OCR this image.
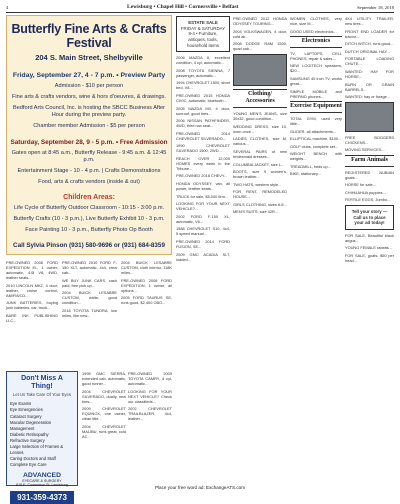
4	Lewisburg • Chapel Hill • Cornersville • Belfast	September 18, 2018
Butterfly Fine Arts & Crafts Festival
204 S. Main Street, Shelbyville
Friday, September 27, 4 - 7 p.m. • Preview Party
Admission - $10 per person
Fine arts & crafts vendors, wine & hors d'oeuvres, & drawings.
Bedford Arts Council, Inc. is hosting the SBCC Business After Hour during the preview party.
Chamber member Admission - $5 per person
Saturday, September 28, 9 - 5 p.m. • Free Admission
Gates open at 8:45 a.m., Butterfly Release - 9:45 a.m. & 12:45 p.m.
Entertainment Stage - 10 - 4 p.m. | Crafts Demonstrations
Food, arts & crafts vendors (inside & out)
Children Areas:
Life Cycle of Butterfly Outdoor Classroom - 10:15 - 3:00 p.m.
Butterfly Crafts (10 - 3 p.m.), Live Butterfly Exhibit 10 - 3 p.m.
Face Painting 10 - 3 p.m., Butterfly Photo Op Booth
Call Sylvia Pinson (931) 580-9696 or (931) 684-8359

PRE-OWNED 2008 FORD EXPEDITION EL, 1 owner, automatic, 4.6l V8, 4WD, leather seats...

2010 LINCOLN MKZ, 4 door, leather, cruise control, AM/FM/CD...

JUNK BATTERIES, buying junk batteries, car, truck...

BARE INK PUBLISHING LLC...

PRE-OWNED 2010 FORD F-150 XLT, automatic, 4x4, crew cab...

WE BUY JUNK CARS, cash paid, free pick up...

2004 BUICK LESABRE CUSTOM, white, good condition...

2018 TOYOTA TUNDRA, low miles, like new...

2004 BUICK LESABRE CUSTOM, cloth interior, 118K miles...

PRE-OWNED 2008 FORD EXPEDITION, 1 owner, all options...

2005 FORD TAURUS SE, runs good, $2,400 OBO...

Don't Miss A Thing!
Let Us Take Care Of Your Eyes
Eye Exams
Eye Emergencies
Cataract Surgery
Macular Degeneration Management
Diabetic Retinopathy
Refractive Surgery
Large Selection of Frames & Lenses
Caring Doctors and Staff
Complete Eye Care
ADVANCED
EYECARE & SURGERY
818 E. Commerce St. Lewisburg
931-359-4373

1995 GMC SIERRA, extended cab, automatic, good runner...

2004 CHEVROLET SILVERADO, dually, new tires...

2009 CHEVROLET EQUINOX, one owner, clean title...

2004 CHEVROLET MALIBU, runs great, cold AC...

PRE-OWNED 2009 TOYOTA CAMRY, 4 cyl, automatic...

LOOKING FOR YOUR NEXT VEHICLE? Check our classifieds...

2002 CHEVROLET TRAILBLAZER, 4x4, leather...

ESTATE SALE
FRIDAY & SATURDAY 8-4 • Furniture, antiques, tools, household items

2006 MAZDA 6, excellent condition, 4 cyl, automatic...

2008 TOYOTA SIENNA, 7 passenger, automatic...

1994 CHEVROLET 1500, short bed, V8...

PRE-OWNED 2015 HONDA CIVIC, automatic, bluetooth...

2005 MAZDA M3, 4 door, sunroof, good tires...

2006 NISSAN PATHFINDER, 4WD, third row seat...

PRE-OWNED 2014 CHEVROLET SILVERADO...

1990 CHEVROLET SILVERADO 1500, 2WD...

REACH OVER 12,000 HOMES every week in the Tribune...

PRE-OWNED 2016 CHEVY...

HONDA ODYSSEY, van, all power, leather seats...

TRUCK for sale, $5,000 firm...

LOOKING FOR YOUR NEXT VEHICLE?...

2002 FORD F-150 XL, automatic, V6...

1988 CHEVROLET S10, 4x4, 5 speed manual...

PRE-OWNED 2014 FORD FUSION, SE...

2009 GMC ACADIA SLT, loaded...

PRE-OWNED 2012 HONDA ODYSSEY TOURING...

2004 VOLKSWAGEN, 4 door, cold air...

2008 DODGE RAM 1500, quad cab...

Clothing/ Accessories

YOUNG MEN'S JEANS, size 30x32, good condition...

WEDDING DRESS, size 10, worn once...

LADIES CLOTHES, size M, various...

SEVERAL PAIRS of new bridesmaid dresses...

COLUMBIA JACKET, size L...

BOOTS, size 9 women's, brown leather...

TWO HATS, western style...

FOR RENT, REMODELED HOUSE...

GIRLS CLOTHING, sizes 6-8...

MEN'S SUITS, size 42R...

WOMEN CLOTHES, very nice, size M...

GOOD USED electronics...

Electronics

TV, LAPTOPS, CELL PHONES, repair & sales...

NEW LOGITECH speakers, $20...

SAMSUNG 40 inch TV, works great...

SIMPLE MOBILE and PREPAID phones...

Exercise Equipment

TOTAL GYM, used very little...

GLIDER, all attachments...

ELLIPTICAL machine, $100...

GOLF clubs, complete set...

WEIGHT BENCH with weights...

TREADMILL, folds up...

BIKE, stationary...

4X4 UTILITY TRAILER, new tires...

FRONT END LOADER for tractor...

DITCH WITCH, runs good...

DUTCH ORIGINAL HAY...

PORTABLE LOADING CHUTE...

WANTED: HAY FOR HORSE...

BURN OR GRAIN BARRELS...

WANTED: hay or forage...

FREE BOGGERS CHICKENS...

MOVING SERVICES...

Farm Animals

REGISTERED NUBIAN goats...

HORSE for sale...

CHIHUAHUA puppies...

FERTILE EGGS, Jumbo...

Tell your story — Call us to place your ad today!

FOR SALE, Beautiful black angus...

YOUNG FEMALE rabbits...

FOR SALE, goats, $50 per head...

Place your free word ad: ExchangeATS.com
